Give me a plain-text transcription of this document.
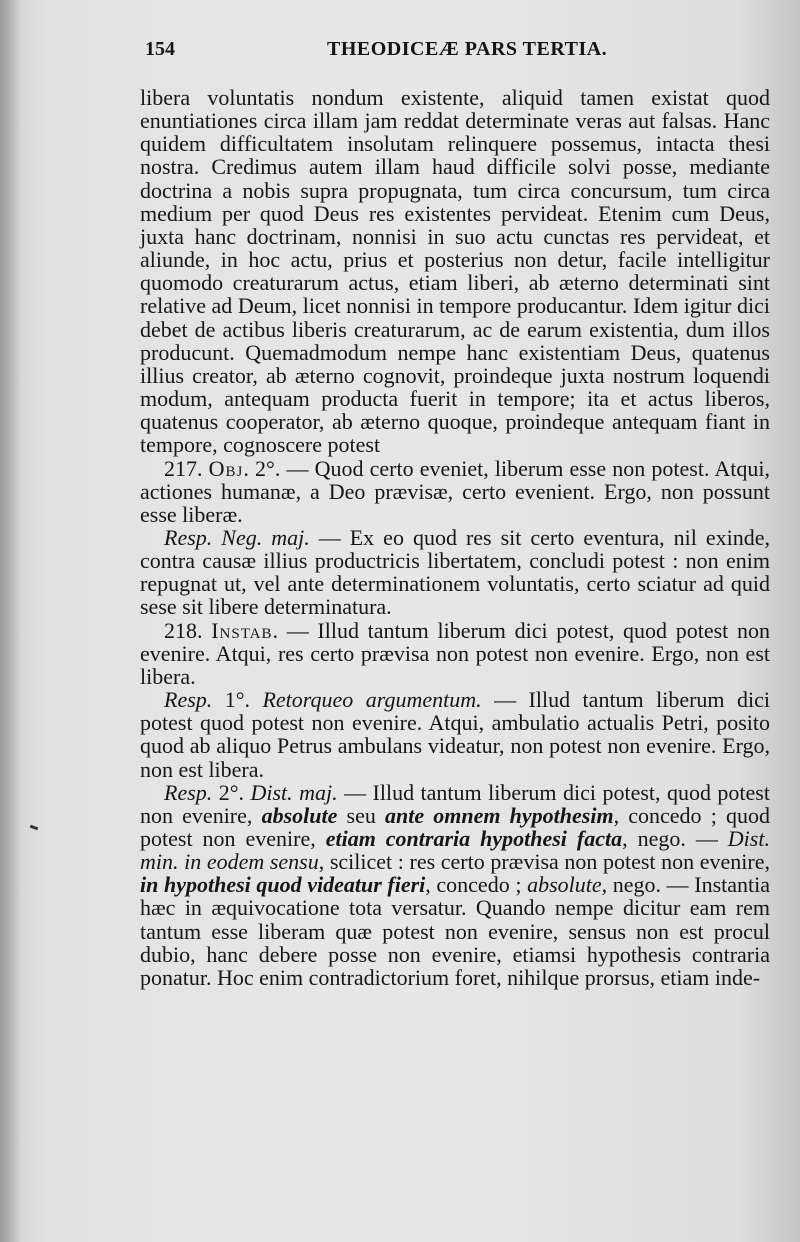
154	THEODICEÆ PARS TERTIA.

libera voluntatis nondum existente, aliquid tamen existat quod enuntiationes circa illam jam reddat determinate veras aut falsas. Hanc quidem difficultatem insolutam relinquere possemus, intacta thesi nostra. Credimus autem illam haud difficile solvi posse, mediante doctrina a nobis supra propugnata, tum circa concursum, tum circa medium per quod Deus res existentes pervideat. Etenim cum Deus, juxta hanc doctrinam, nonnisi in suo actu cunctas res pervideat, et aliunde, in hoc actu, prius et posterius non detur, facile intelligitur quomodo creaturarum actus, etiam liberi, ab æterno determinati sint relative ad Deum, licet nonnisi in tempore producantur. Idem igitur dici debet de actibus liberis creaturarum, ac de earum existentia, dum illos producunt. Quemadmodum nempe hanc existentiam Deus, quatenus illius creator, ab æterno cognovit, proindeque juxta nostrum loquendi modum, antequam producta fuerit in tempore; ita et actus liberos, quatenus cooperator, ab æterno quoque, proindeque antequam fiant in tempore, cognoscere potest

217. Obj. 2°. — Quod certo eveniet, liberum esse non potest. Atqui, actiones humanæ, a Deo prævisæ, certo evenient. Ergo, non possunt esse liberæ.

Resp. Neg. maj. — Ex eo quod res sit certo eventura, nil exinde, contra causæ illius productricis libertatem, concludi potest : non enim repugnat ut, vel ante determinationem voluntatis, certo sciatur ad quid sese sit libere determinatura.

218. Instab. — Illud tantum liberum dici potest, quod potest non evenire. Atqui, res certo prævisa non potest non evenire. Ergo, non est libera.

Resp. 1°. Retorqueo argumentum. — Illud tantum liberum dici potest quod potest non evenire. Atqui, ambulatio actualis Petri, posito quod ab aliquo Petrus ambulans videatur, non potest non evenire. Ergo, non est libera.

Resp. 2°. Dist. maj. — Illud tantum liberum dici potest, quod potest non evenire, absolute seu ante omnem hypothesim, concedo ; quod potest non evenire, etiam contraria hypothesi facta, nego. — Dist. min. in eodem sensu, scilicet : res certo prævisa non potest non evenire, in hypothesi quod videatur fieri, concedo ; absolute, nego. — Instantia hæc in æquivocatione tota versatur. Quando nempe dicitur eam rem tantum esse liberam quæ potest non evenire, sensus non est procul dubio, hanc debere posse non evenire, etiamsi hypothesis contraria ponatur. Hoc enim contradictorium foret, nihilque prorsus, etiam inde-
